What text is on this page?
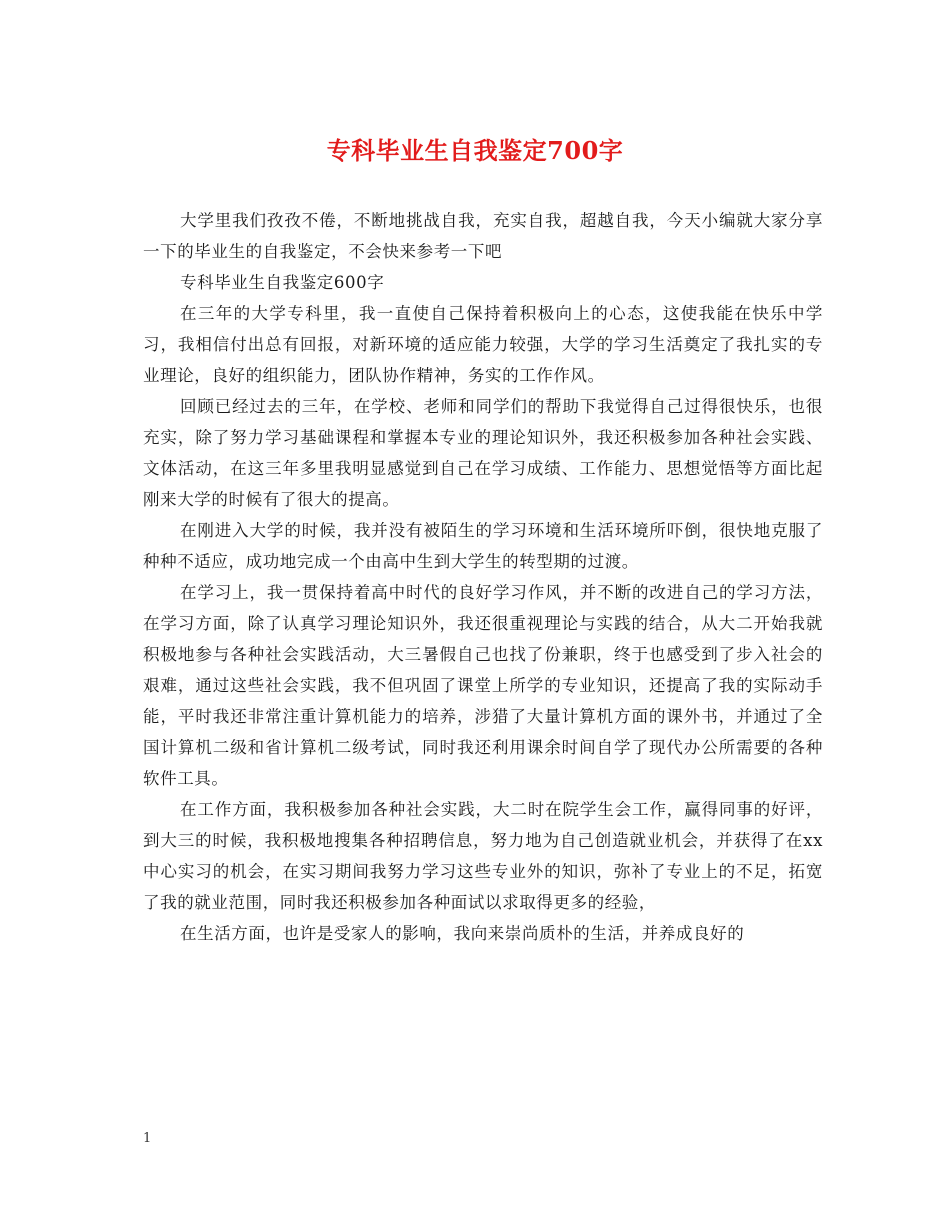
专科毕业生自我鉴定700字

大学里我们孜孜不倦，不断地挑战自我，充实自我，超越自我，今天小编就大家分享一下的毕业生的自我鉴定，不会快来参考一下吧

专科毕业生自我鉴定600字

在三年的大学专科里，我一直使自己保持着积极向上的心态，这使我能在快乐中学习，我相信付出总有回报，对新环境的适应能力较强，大学的学习生活奠定了我扎实的专业理论，良好的组织能力，团队协作精神，务实的工作作风。

回顾已经过去的三年，在学校、老师和同学们的帮助下我觉得自己过得很快乐，也很充实，除了努力学习基础课程和掌握本专业的理论知识外，我还积极参加各种社会实践、文体活动，在这三年多里我明显感觉到自己在学习成绩、工作能力、思想觉悟等方面比起刚来大学的时候有了很大的提高。

在刚进入大学的时候，我并没有被陌生的学习环境和生活环境所吓倒，很快地克服了种种不适应，成功地完成一个由高中生到大学生的转型期的过渡。

在学习上，我一贯保持着高中时代的良好学习作风，并不断的改进自己的学习方法，在学习方面，除了认真学习理论知识外，我还很重视理论与实践的结合，从大二开始我就积极地参与各种社会实践活动，大三暑假自己也找了份兼职，终于也感受到了步入社会的艰难，通过这些社会实践，我不但巩固了课堂上所学的专业知识，还提高了我的实际动手能，平时我还非常注重计算机能力的培养，涉猎了大量计算机方面的课外书，并通过了全国计算机二级和省计算机二级考试，同时我还利用课余时间自学了现代办公所需要的各种软件工具。

在工作方面，我积极参加各种社会实践，大二时在院学生会工作，赢得同事的好评，到大三的时候，我积极地搜集各种招聘信息，努力地为自己创造就业机会，并获得了在xx中心实习的机会，在实习期间我努力学习这些专业外的知识，弥补了专业上的不足，拓宽了我的就业范围，同时我还积极参加各种面试以求取得更多的经验，

在生活方面，也许是受家人的影响，我向来崇尚质朴的生活，并养成良好的

1
